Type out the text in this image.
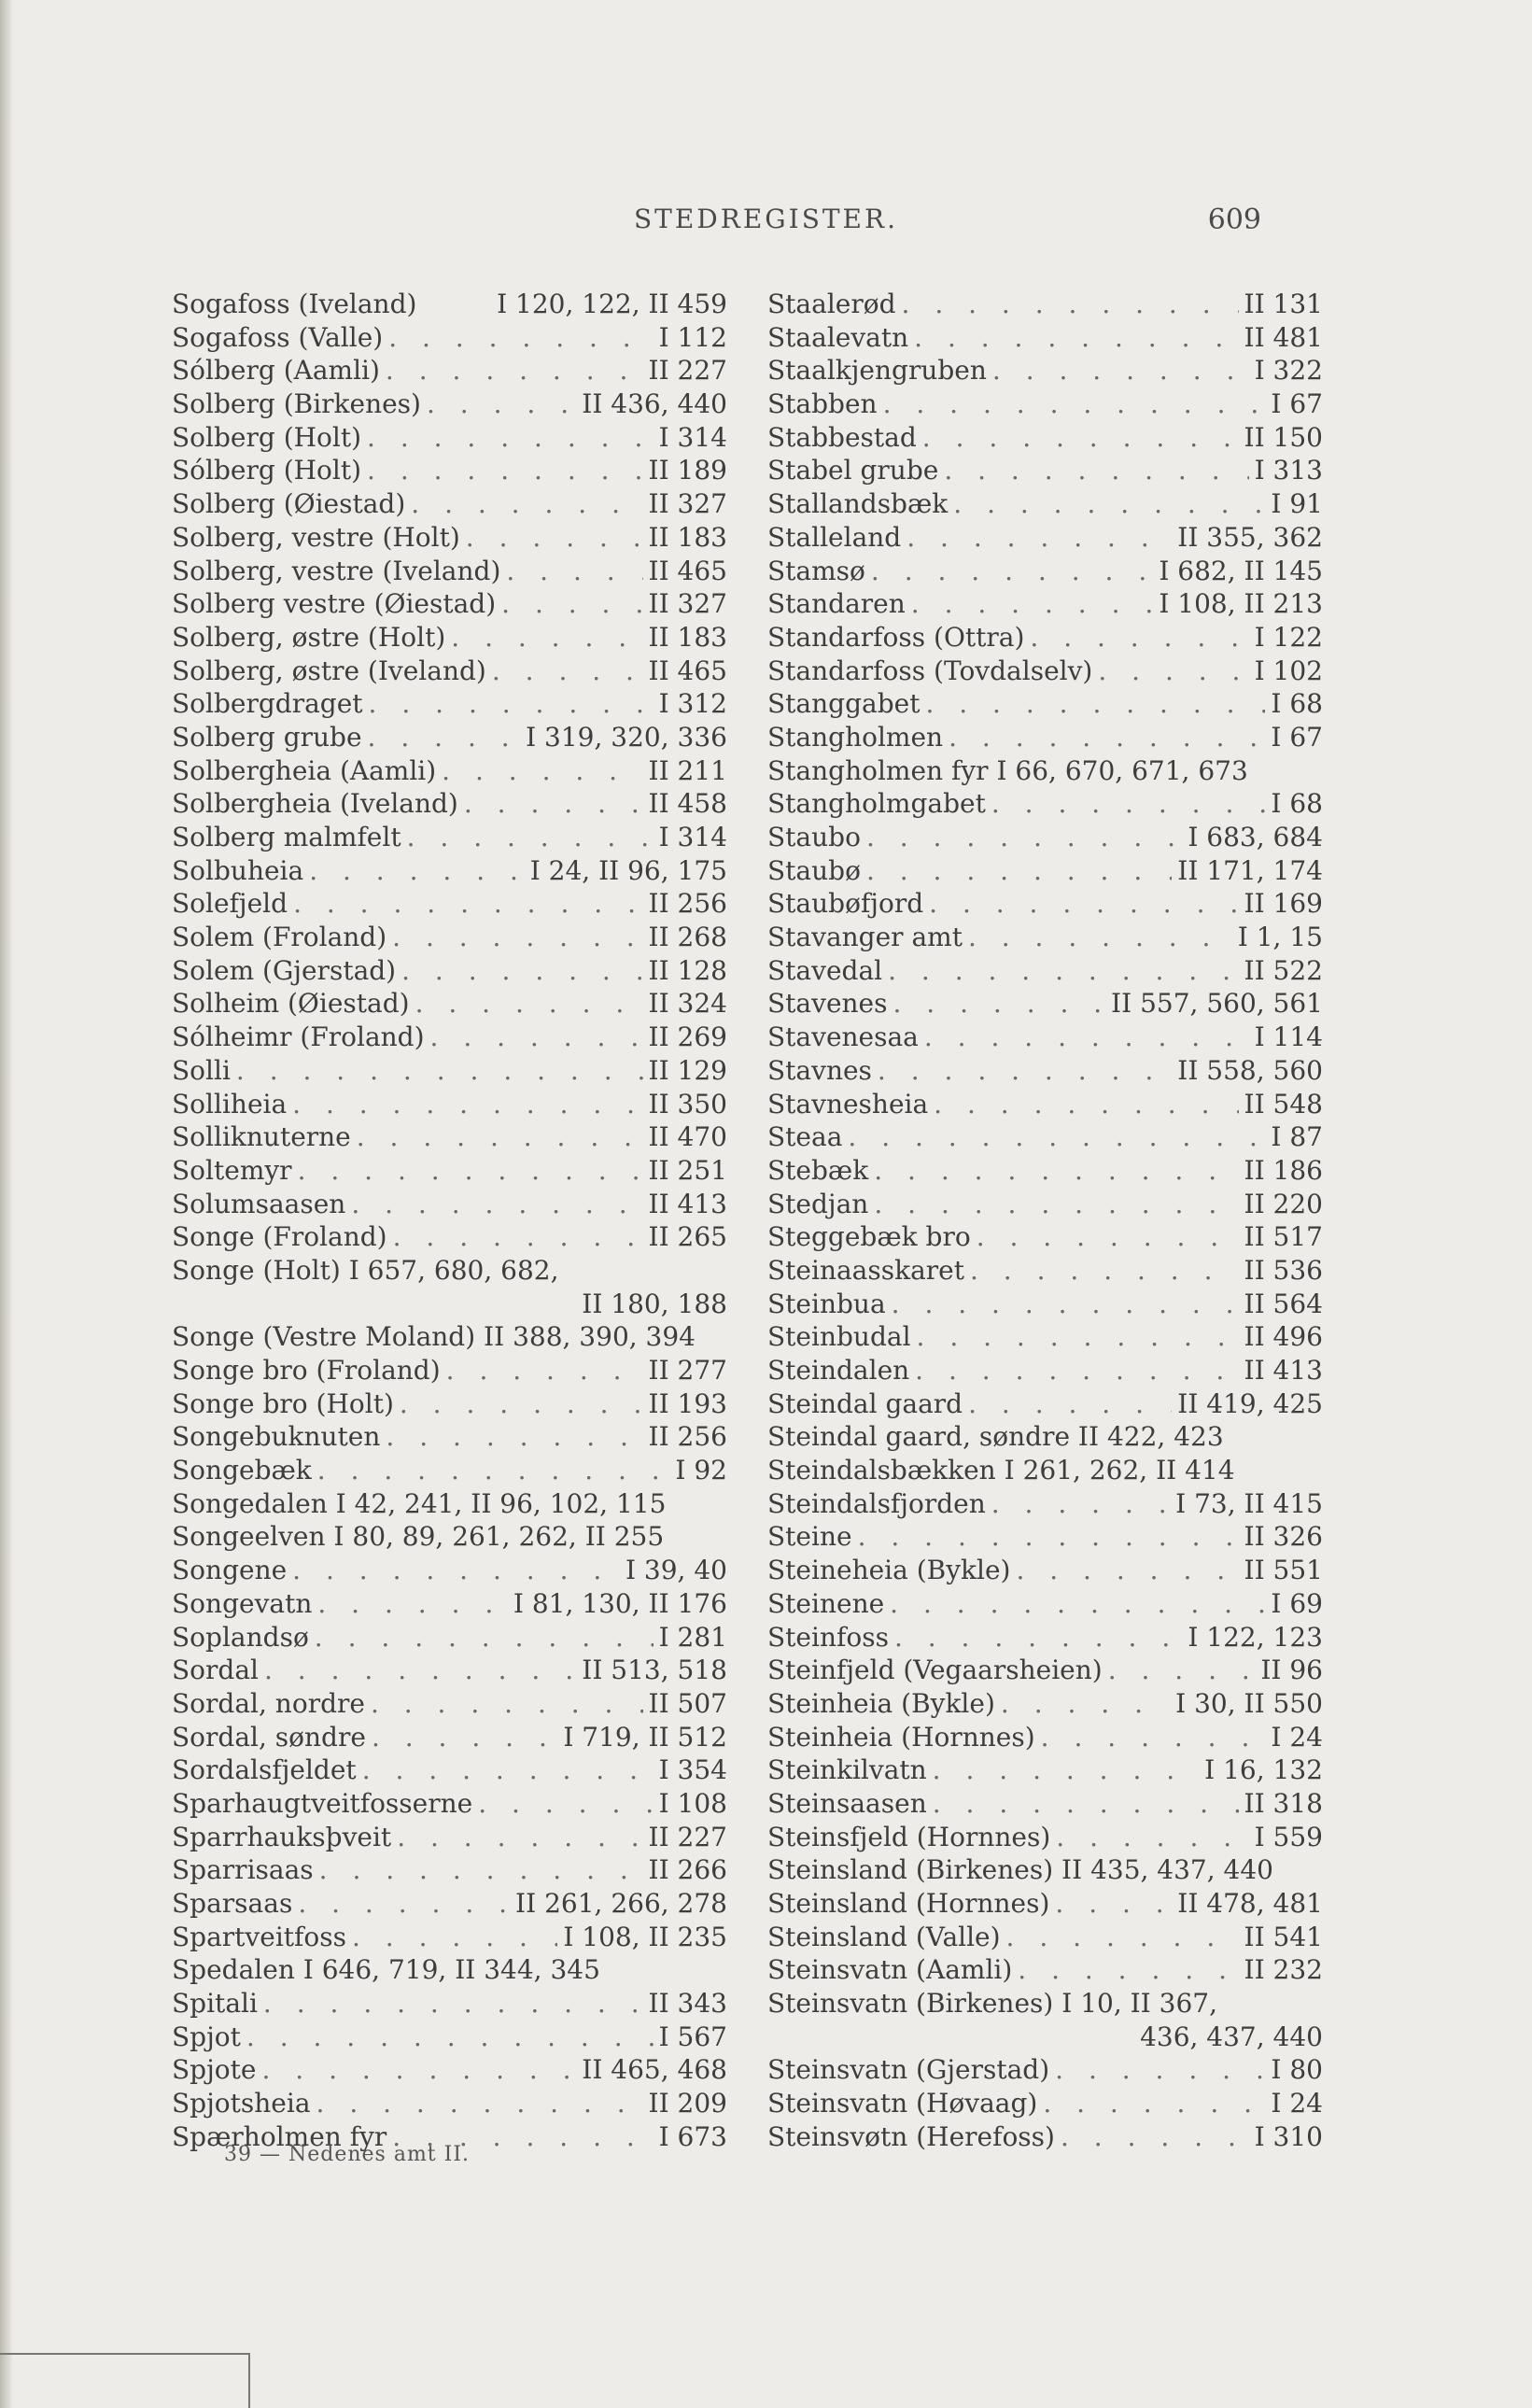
STEDREGISTER.	609
Sogafoss (Iveland)	I 120, 122, II 459
Sogafoss (Valle) . . .	I 112
Sólberg (Aamli) . . .	II 227
Solberg (Birkenes) . . .	II 436, 440
Solberg (Holt) . . .	I 314
Sólberg (Holt) . . .	II 189
Solberg (Øiestad) . . .	II 327
Solberg, vestre (Holt) . . .	II 183
Solberg, vestre (Iveland) . . .	II 465
Solberg vestre (Øiestad) . . .	II 327
Solberg, østre (Holt) . . .	II 183
Solberg, østre (Iveland) . . .	II 465
Solbergdraget . . .	I 312
Solberg grube . . .	I 319, 320, 336
Solbergheia (Aamli) . . .	II 211
Solbergheia (Iveland) . . .	II 458
Solberg malmfelt . . .	I 314
Solbuheia . . .	I 24, II 96, 175
Solefjeld . . .	II 256
Solem (Froland) . . .	II 268
Solem (Gjerstad) . . .	II 128
Solheim (Øiestad) . . .	II 324
Sólheimr (Froland) . . .	II 269
Solli . . .	II 129
Solliheia . . .	II 350
Solliknuterne . . .	II 470
Soltemyr . . .	II 251
Solumsaasen . . .	II 413
Songe (Froland) . . .	II 265
Songe (Holt) I 657, 680, 682,
II 180, 188
Songe (Vestre Moland) II 388, 390, 394
Songe bro (Froland) . . .	II 277
Songe bro (Holt) . . .	II 193
Songebuknuten . . .	II 256
Songebæk . . .	I 92
Songedalen I 42, 241, II 96, 102, 115
Songeelven I 80, 89, 261, 262, II 255
Songene . . .	I 39, 40
Songevatn . . .	I 81, 130, II 176
Soplandsø . . .	I 281
Sordal . . .	II 513, 518
Sordal, nordre . . .	II 507
Sordal, søndre . . .	I 719, II 512
Sordalsfjeldet . . .	I 354
Sparhaugtveitfosserne . . .	I 108
Sparrhauksþveit . . .	II 227
Sparrisaas . . .	II 266
Sparsaas . . .	II 261, 266, 278
Spartveitfoss . . .	I 108, II 235
Spedalen I 646, 719, II 344, 345
Spitali . . .	II 343
Spjot . . .	I 567
Spjote . . .	II 465, 468
Spjotsheia . . .	II 209
Spærholmen fyr . . .	I 673
Staalerød . . .	II 131
Staalevatn . . .	II 481
Staalkjengruben . . .	I 322
Stabben . . .	I 67
Stabbestad . . .	II 150
Stabel grube . . .	I 313
Stallandsbæk . . .	I 91
Stalleland . . .	II 355, 362
Stamsø . . .	I 682, II 145
Standaren . . .	I 108, II 213
Standarfoss (Ottra) . . .	I 122
Standarfoss (Tovdalselv) . . .	I 102
Stanggabet . . .	I 68
Stangholmen . . .	I 67
Stangholmen fyr I 66, 670, 671, 673
Stangholmgabet . . .	I 68
Staubo . . .	I 683, 684
Staubø . . .	II 171, 174
Staubøfjord . . .	II 169
Stavanger amt . . .	I 1, 15
Stavedal . . .	II 522
Stavenes . . .	II 557, 560, 561
Stavenesaa . . .	I 114
Stavnes . . .	II 558, 560
Stavnesheia . . .	II 548
Steaa . . .	I 87
Stebæk . . .	II 186
Stedjan . . .	II 220
Steggebæk bro . . .	II 517
Steinaasskaret . . .	II 536
Steinbua . . .	II 564
Steinbudal . . .	II 496
Steindalen . . .	II 413
Steindal gaard . . .	II 419, 425
Steindal gaard, søndre II 422, 423
Steindalsbækken I 261, 262, II 414
Steindalsfjorden . . .	I 73, II 415
Steine . . .	II 326
Steineheia (Bykle) . . .	II 551
Steinene . . .	I 69
Steinfoss . . .	I 122, 123
Steinfjeld (Vegaarsheien) . . .	II 96
Steinheia (Bykle) . . .	I 30, II 550
Steinheia (Hornnes) . . .	I 24
Steinkilvatn . . .	I 16, 132
Steinsaasen . . .	II 318
Steinsfjeld (Hornnes) . . .	I 559
Steinsland (Birkenes) II 435, 437, 440
Steinsland (Hornnes) . . .	II 478, 481
Steinsland (Valle) . . .	II 541
Steinsvatn (Aamli) . . .	II 232
Steinsvatn (Birkenes) I 10, II 367,
436, 437, 440
Steinsvatn (Gjerstad) . . .	I 80
Steinsvatn (Høvaag) . . .	I 24
Steinsvøtn (Herefoss) . . .	I 310
39 — Nedenes amt II.
